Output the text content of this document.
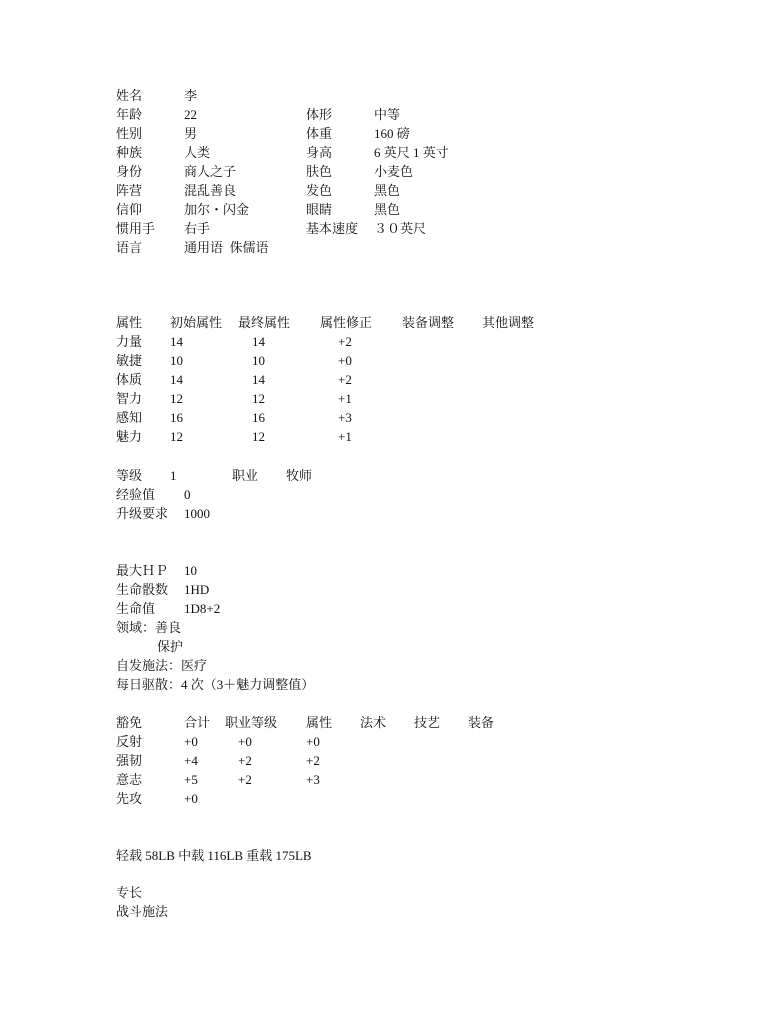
姓名	李
年龄	22	体形	中等
性别	男	体重	160 磅
种族	人类	身高	6 英尺 1 英寸
身份	商人之子	肤色	小麦色
阵营	混乱善良	发色	黑色
信仰	加尔・闪金	眼睛	黑色
惯用手 右手	基本速度 ３０英尺
语言	通用语  侏儒语
属性 初始属性 最终属性 属性修正 装备调整 其他调整
力量 14	14	+2
敏捷 10	10	+0
体质 14	14	+2
智力 12	12	+1
感知 16	16	+3
魅力 12	12	+1
等级 1	职业 牧师
经验值 0
升级要求 1000
最大ＨＰ 10
生命骰数 1HD
生命值 1D8+2
领域：善良
保护
自发施法：医疗
每日驱散：4 次（3＋魅力调整值）
豁免	合计 职业等级 属性 法术 技艺 装备
反射	+0	+0	+0
强韧	+4	+2	+2
意志	+5	+2	+3
先攻	+0
轻载 58LB 中载 116LB 重载 175LB
专长
战斗施法
